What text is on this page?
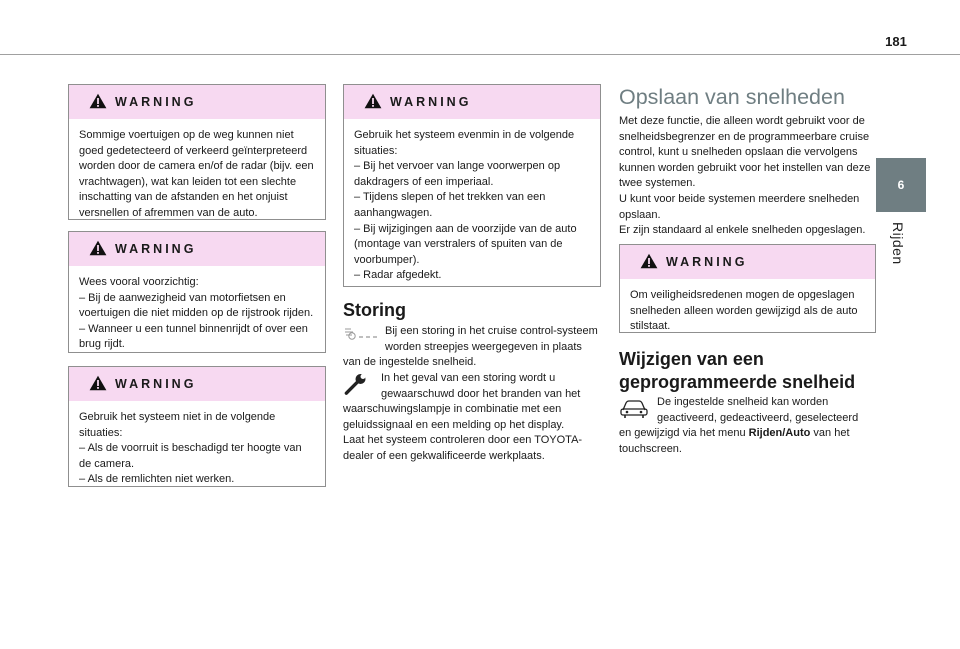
181
6
Rijden
WARNING

Sommige voertuigen op de weg kunnen niet

goed gedetecteerd of verkeerd geïnterpreteerd

worden door de camera en/of de radar (bijv. een

vrachtwagen), wat kan leiden tot een slechte

inschatting van de afstanden en het onjuist

versnellen of afremmen van de auto.

WARNING

Wees vooral voorzichtig:

– Bij de aanwezigheid van motorfietsen en

voertuigen die niet midden op de rijstrook rijden.

– Wanneer u een tunnel binnenrijdt of over een

brug rijdt.

WARNING

Gebruik het systeem niet in de volgende

situaties:

– Als de voorruit is beschadigd ter hoogte van

de camera.

– Als de remlichten niet werken.

WARNING

Gebruik het systeem evenmin in de volgende

situaties:

– Bij het vervoer van lange voorwerpen op

dakdragers of een imperiaal.

– Tijdens slepen of het trekken van een

aanhangwagen.

– Bij wijzigingen aan de voorzijde van de auto

(montage van verstralers of spuiten van de

voorbumper).

– Radar afgedekt.

Storing

Bij een storing in het cruise control-systeem

worden streepjes weergegeven in plaats

van de ingestelde snelheid.

In het geval van een storing wordt u

gewaarschuwd door het branden van het

waarschuwingslampje in combinatie met een

geluidssignaal en een melding op het display.

Laat het systeem controleren door een TOYOTA-

dealer of een gekwalificeerde werkplaats.

Opslaan van snelheden

Met deze functie, die alleen wordt gebruikt voor de

snelheidsbegrenzer en de programmeerbare cruise

control, kunt u snelheden opslaan die vervolgens

kunnen worden gebruikt voor het instellen van deze

twee systemen.

U kunt voor beide systemen meerdere snelheden

opslaan.

Er zijn standaard al enkele snelheden opgeslagen.

WARNING

Om veiligheidsredenen mogen de opgeslagen

snelheden alleen worden gewijzigd als de auto

stilstaat.

Wijzigen van een
geprogrammeerde snelheid

De ingestelde snelheid kan worden

geactiveerd, gedeactiveerd, geselecteerd

en gewijzigd via het menu Rijden/Auto van het

touchscreen.
